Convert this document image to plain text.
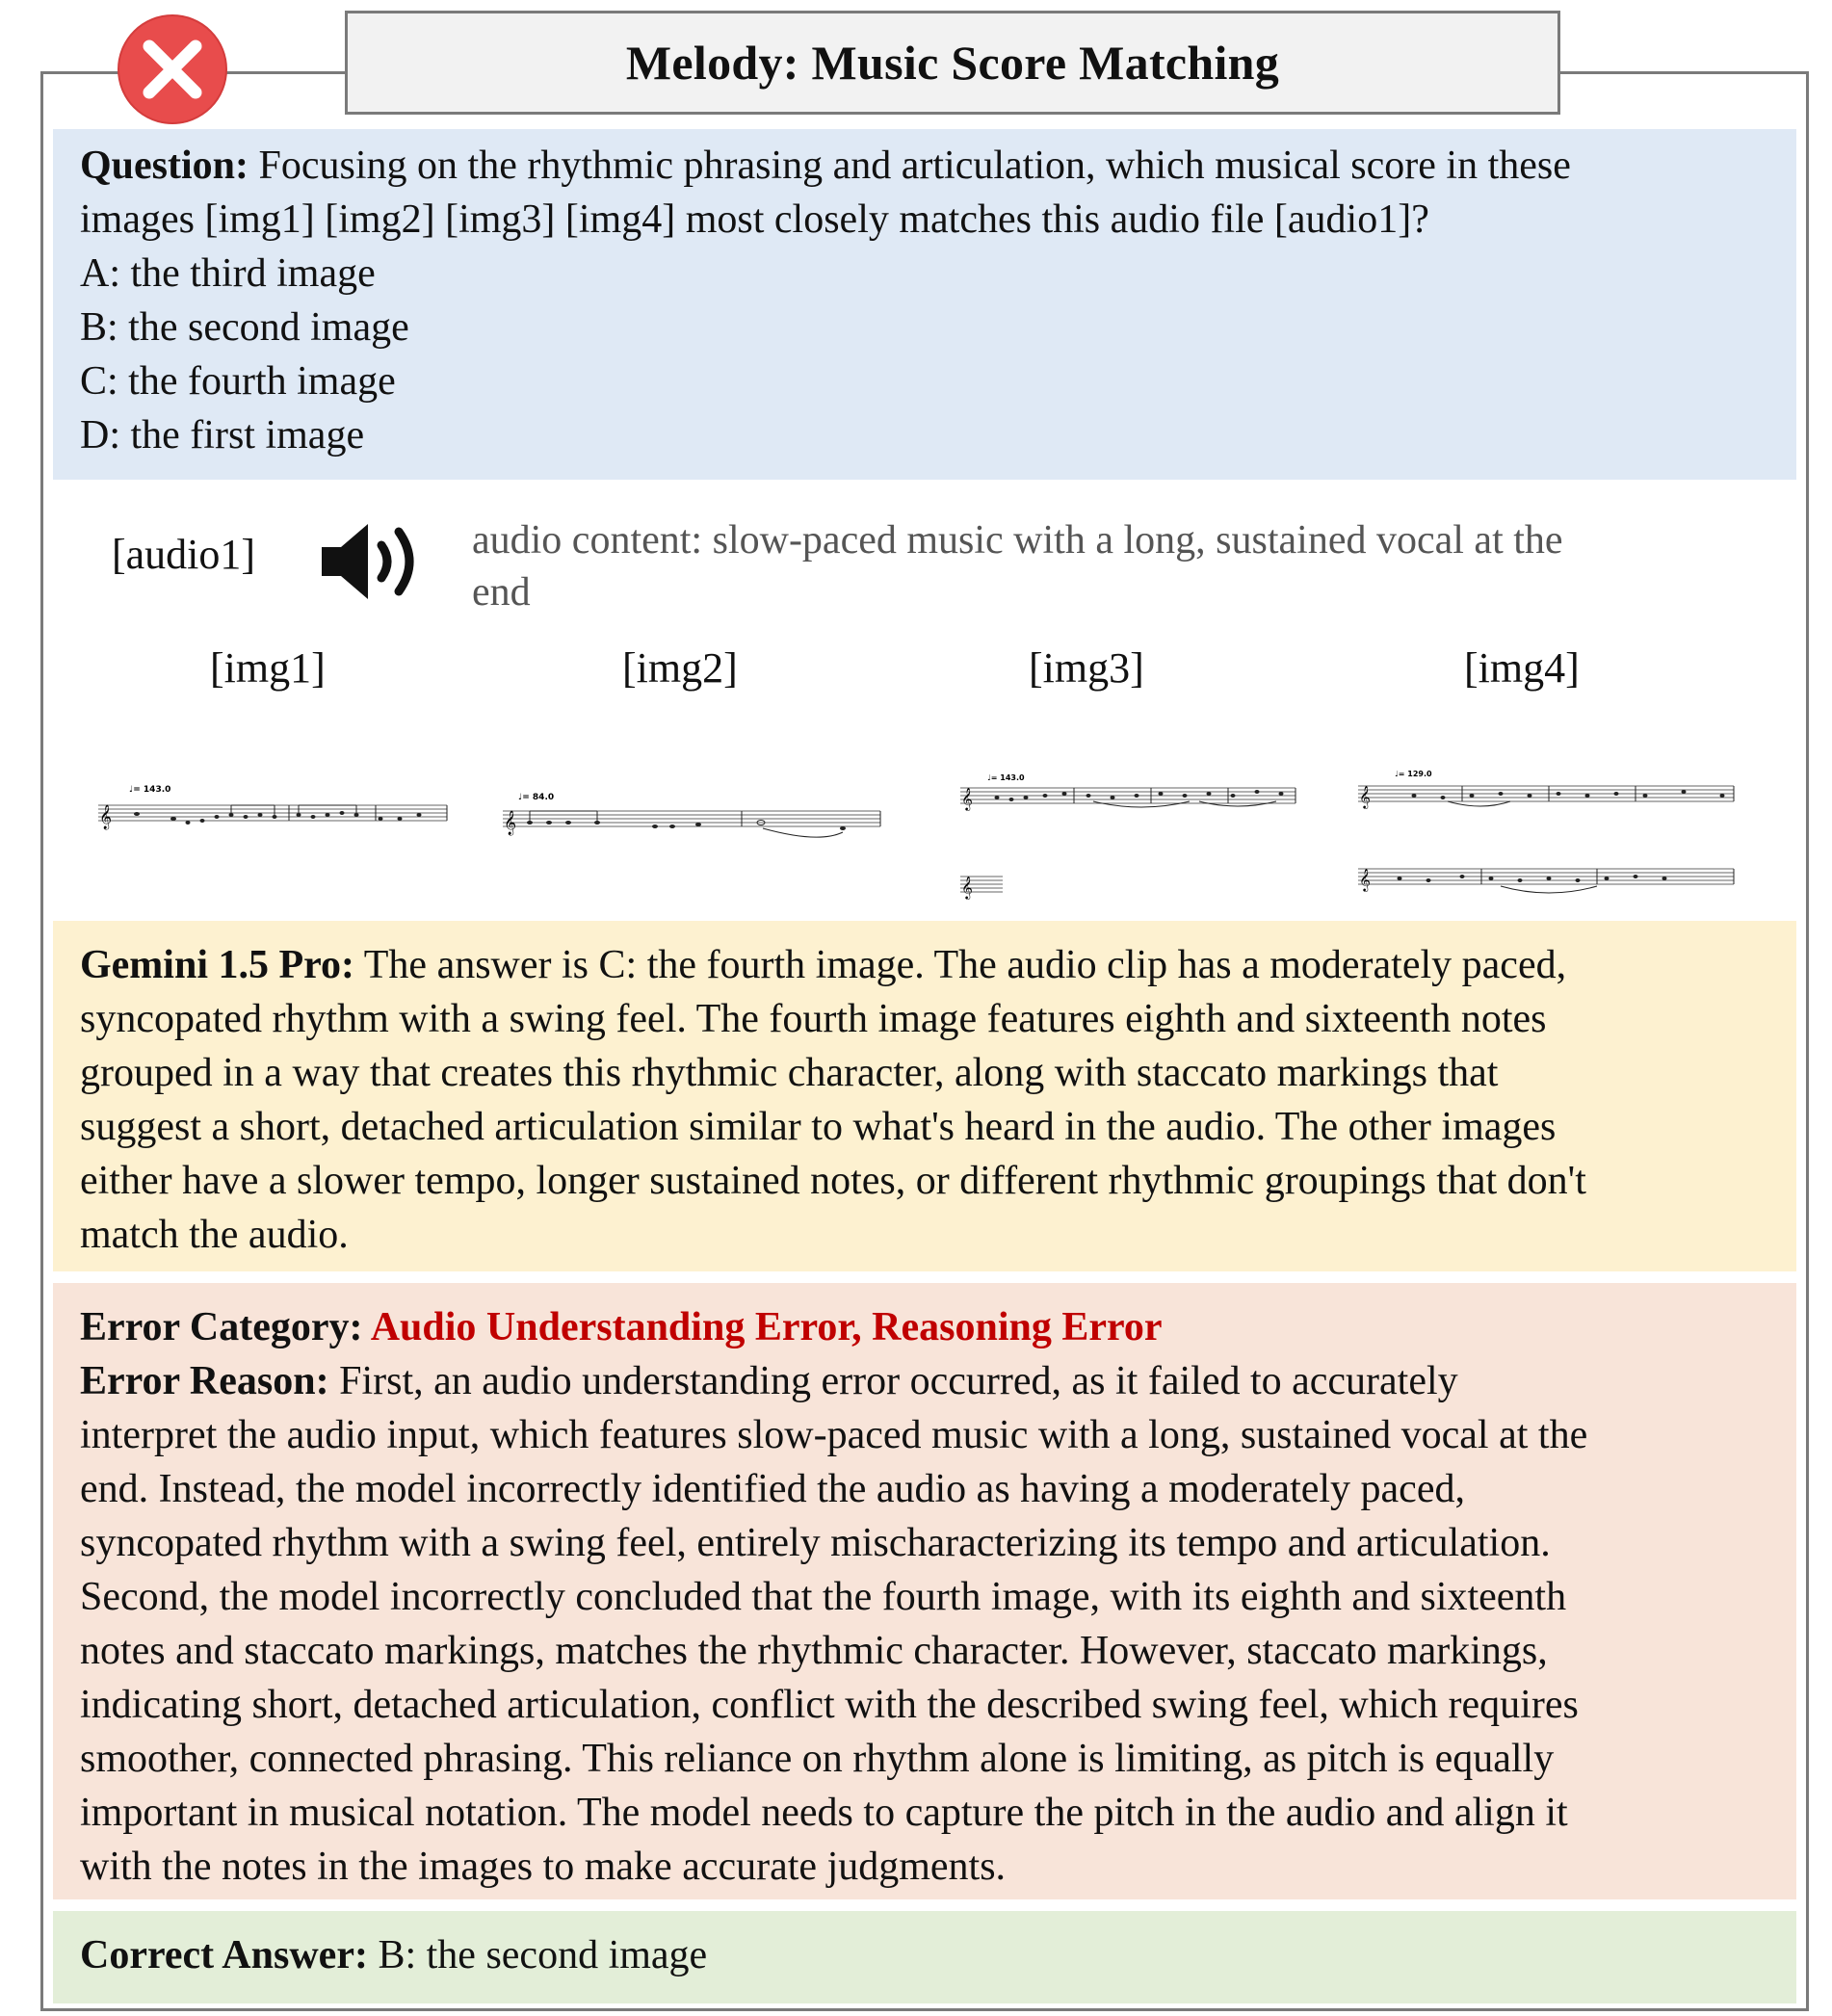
Melody: Music Score Matching
Question: Focusing on the rhythmic phrasing and articulation, which musical score in these
images [img1] [img2] [img3] [img4] most closely matches this audio file [audio1]?
A: the third image
B: the second image
C: the fourth image
D: the first image
[audio1]	audio content: slow-paced music with a long, sustained vocal at the
end
[img1]	[img2]	[img3]	[img4]
♩= 143.0
𝄞
♩= 84.0
𝄞
♩= 143.0
𝄞
𝄞
♩= 129.0
𝄞
𝄞
Gemini 1.5 Pro: The answer is C: the fourth image. The audio clip has a moderately paced,
syncopated rhythm with a swing feel. The fourth image features eighth and sixteenth notes
grouped in a way that creates this rhythmic character, along with staccato markings that
suggest a short, detached articulation similar to what's heard in the audio. The other images
either have a slower tempo, longer sustained notes, or different rhythmic groupings that don't
match the audio.
Error Category: Audio Understanding Error, Reasoning Error
Error Reason: First, an audio understanding error occurred, as it failed to accurately
interpret the audio input, which features slow-paced music with a long, sustained vocal at the
end. Instead, the model incorrectly identified the audio as having a moderately paced,
syncopated rhythm with a swing feel, entirely mischaracterizing its tempo and articulation.
Second, the model incorrectly concluded that the fourth image, with its eighth and sixteenth
notes and staccato markings, matches the rhythmic character. However, staccato markings,
indicating short, detached articulation, conflict with the described swing feel, which requires
smoother, connected phrasing. This reliance on rhythm alone is limiting, as pitch is equally
important in musical notation. The model needs to capture the pitch in the audio and align it
with the notes in the images to make accurate judgments.
Correct Answer: B: the second image
